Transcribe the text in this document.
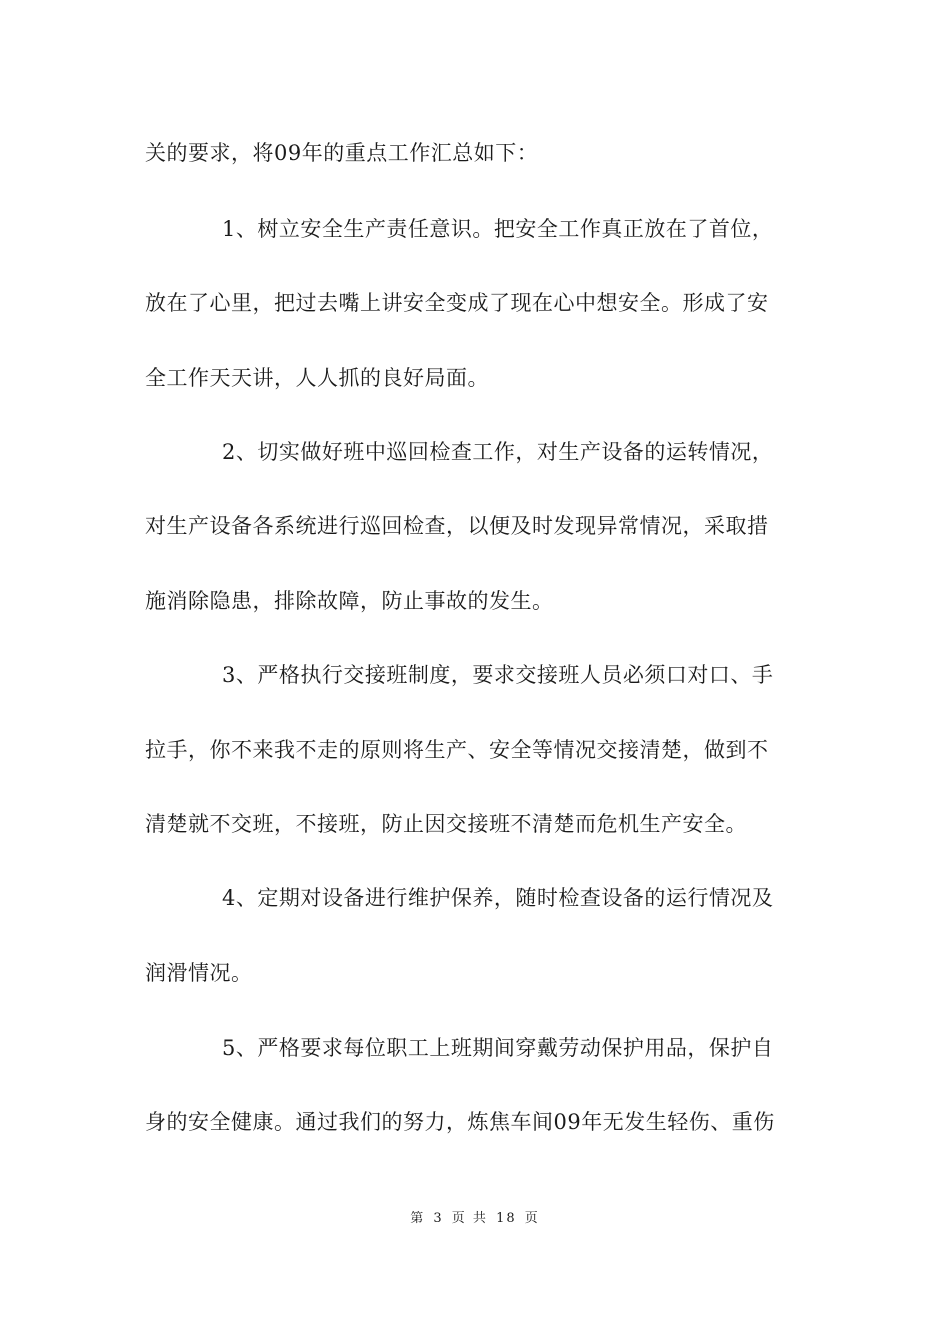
关的要求，将09年的重点工作汇总如下：
1、树立安全生产责任意识。把安全工作真正放在了首位，
放在了心里，把过去嘴上讲安全变成了现在心中想安全。形成了安
全工作天天讲，人人抓的良好局面。
2、切实做好班中巡回检查工作，对生产设备的运转情况，
对生产设备各系统进行巡回检查，以便及时发现异常情况，采取措
施消除隐患，排除故障，防止事故的发生。
3、严格执行交接班制度，要求交接班人员必须口对口、手
拉手，你不来我不走的原则将生产、安全等情况交接清楚，做到不
清楚就不交班，不接班，防止因交接班不清楚而危机生产安全。
4、定期对设备进行维护保养，随时检查设备的运行情况及
润滑情况。
5、严格要求每位职工上班期间穿戴劳动保护用品，保护自
身的安全健康。通过我们的努力，炼焦车间09年无发生轻伤、重伤
第 3 页 共 18 页
